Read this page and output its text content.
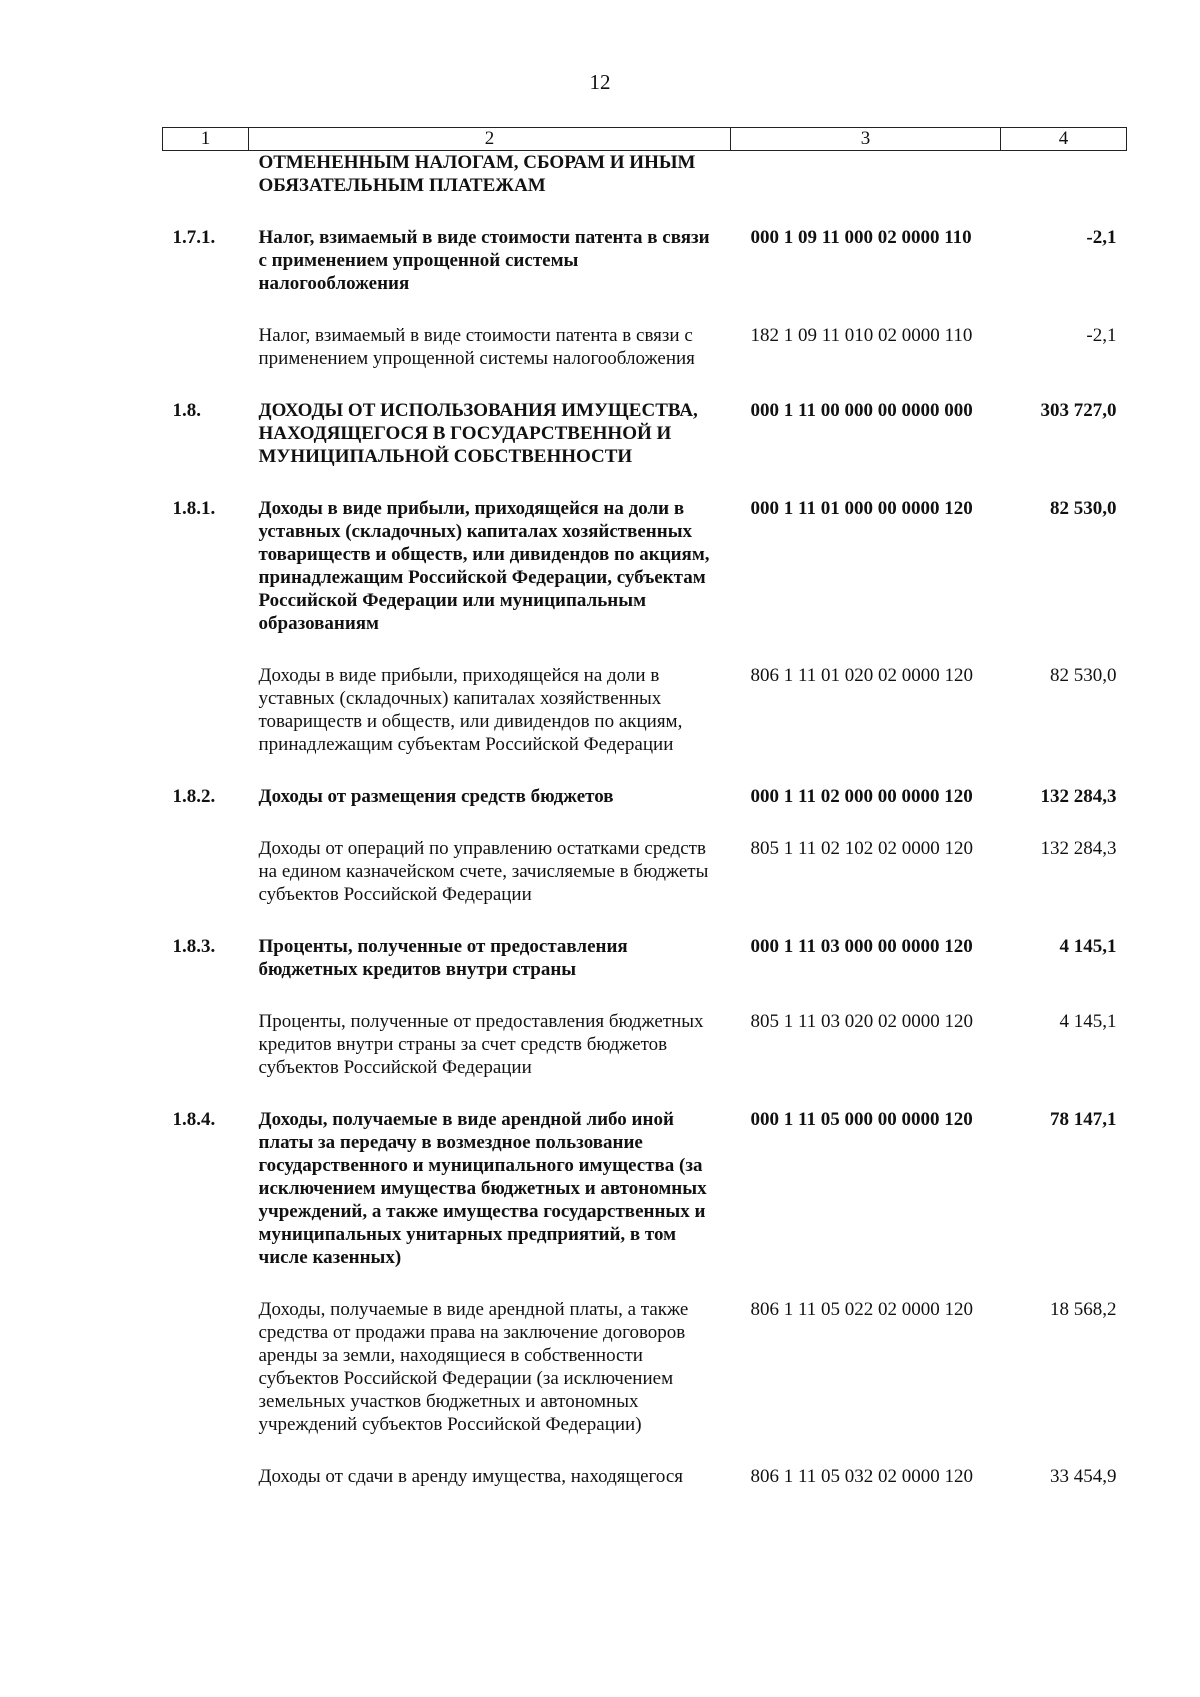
12
1	2	3	4
	ОТМЕНЕННЫМ НАЛОГАМ, СБОРАМ И ИНЫМ ОБЯЗАТЕЛЬНЫМ ПЛАТЕЖАМ		
1.7.1.	Налог, взимаемый в виде стоимости патента в связи с применением упрощенной системы налогообложения	000 1 09 11 000 02 0000 110	-2,1
	Налог, взимаемый в виде стоимости патента в связи с применением упрощенной системы налогообложения	182 1 09 11 010 02 0000 110	-2,1
1.8.	ДОХОДЫ ОТ ИСПОЛЬЗОВАНИЯ ИМУЩЕСТВА, НАХОДЯЩЕГОСЯ В ГОСУДАРСТВЕННОЙ И МУНИЦИПАЛЬНОЙ СОБСТВЕННОСТИ	000 1 11 00 000 00 0000 000	303 727,0
1.8.1.	Доходы в виде прибыли, приходящейся на доли в уставных (складочных) капиталах хозяйственных товариществ и обществ, или дивидендов по акциям, принадлежащим Российской Федерации, субъектам Российской Федерации или муниципальным образованиям	000 1 11 01 000 00 0000 120	82 530,0
	Доходы в виде прибыли, приходящейся на доли в уставных (складочных) капиталах хозяйственных товариществ и обществ, или дивидендов по акциям, принадлежащим субъектам Российской Федерации	806 1 11 01 020 02 0000 120	82 530,0
1.8.2.	Доходы от размещения средств бюджетов	000 1 11 02 000 00 0000 120	132 284,3
	Доходы от операций по управлению остатками средств на едином казначейском счете, зачисляемые в бюджеты субъектов Российской Федерации	805 1 11 02 102 02 0000 120	132 284,3
1.8.3.	Проценты, полученные от предоставления бюджетных кредитов внутри страны	000 1 11 03 000 00 0000 120	4 145,1
	Проценты, полученные от предоставления бюджетных кредитов внутри страны за счет средств бюджетов субъектов Российской Федерации	805 1 11 03 020 02 0000 120	4 145,1
1.8.4.	Доходы, получаемые в виде арендной либо иной платы за передачу в возмездное пользование государственного и муниципального имущества (за исключением имущества бюджетных и автономных учреждений, а также имущества государственных и муниципальных унитарных предприятий, в том числе казенных)	000 1 11 05 000 00 0000 120	78 147,1
	Доходы, получаемые в виде арендной платы, а также средства от продажи права на заключение договоров аренды за земли, находящиеся в собственности субъектов Российской Федерации (за исключением земельных участков бюджетных и автономных учреждений субъектов Российской Федерации)	806 1 11 05 022 02 0000 120	18 568,2
	Доходы от сдачи в аренду имущества, находящегося	806 1 11 05 032 02 0000 120	33 454,9
